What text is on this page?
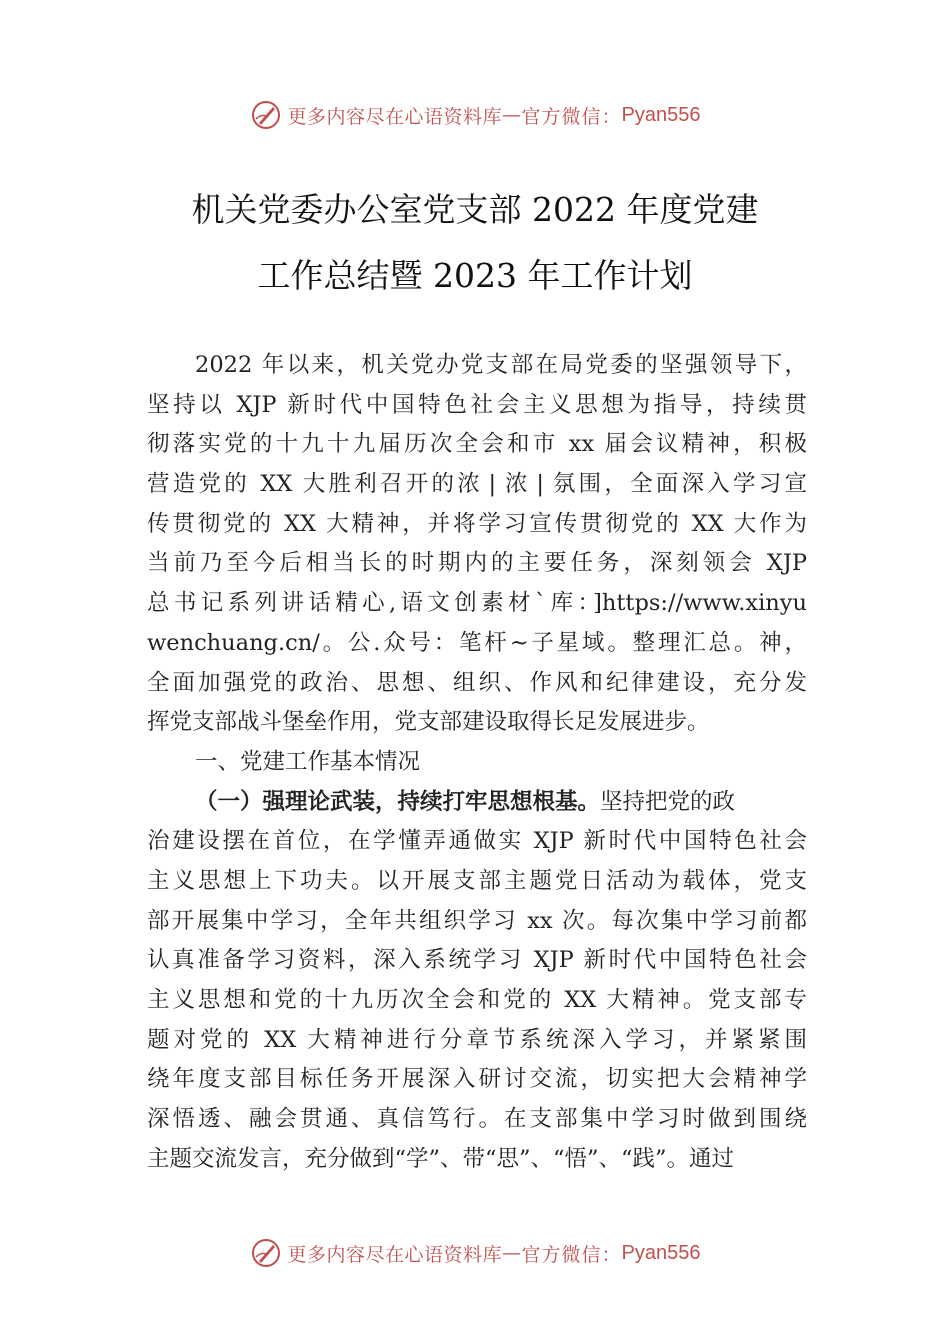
更多内容尽在心语资料库 — 官方微信： Pyan556
机关党委办公室党支部 2022 年度党建
工作总结暨 2023 年工作计划
2022 年以来，机关党办党支部在局党委的坚强领导下，
坚持以 XJP 新时代中国特色社会主义思想为指导，持续贯
彻落实党的十九十九届历次全会和市 xx 届会议精神，积极
营造党的 XX 大胜利召开的浓❘浓❘氛围，全面深入学习宣
传贯彻党的 XX 大精神，并将学习宣传贯彻党的 XX 大作为
当前乃至今后相当长的时期内的主要任务，深刻领会 XJP
总书记系列讲话精心,语文创素材`库：]https://www.xinyu
wenchuang.cn/。公.众号：笔杆~子星域。整理汇总。神，
全面加强党的政治、思想、组织、作风和纪律建设，充分发
挥党支部战斗堡垒作用，党支部建设取得长足发展进步。
一、党建工作基本情况
（一）强理论武装，持续打牢思想根基。坚持把党的政
治建设摆在首位，在学懂弄通做实 XJP 新时代中国特色社会
主义思想上下功夫。以开展支部主题党日活动为载体，党支
部开展集中学习，全年共组织学习 xx 次。每次集中学习前都
认真准备学习资料，深入系统学习 XJP 新时代中国特色社会
主义思想和党的十九历次全会和党的 XX 大精神。党支部专
题对党的 XX 大精神进行分章节系统深入学习，并紧紧围
绕年度支部目标任务开展深入研讨交流，切实把大会精神学
深悟透、融会贯通、真信笃行。在支部集中学习时做到围绕
主题交流发言，充分做到“学”、带“思”、“悟”、“践”。通过
更多内容尽在心语资料库 — 官方微信： Pyan556
